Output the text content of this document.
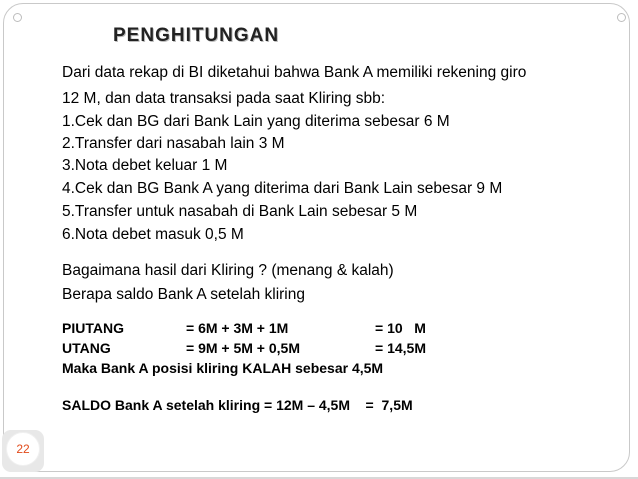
PENGHITUNGAN
Dari data rekap di BI diketahui bahwa Bank A memiliki rekening giro
12 M, dan data transaksi pada saat Kliring sbb:
1.Cek dan BG dari Bank Lain yang diterima sebesar 6 M
2.Transfer dari nasabah lain 3 M
3.Nota debet keluar 1 M
4.Cek dan BG Bank A yang diterima dari Bank Lain sebesar 9 M
5.Transfer untuk nasabah di Bank Lain sebesar 5 M
6.Nota debet masuk 0,5 M
Bagaimana hasil dari Kliring ? (menang & kalah)
Berapa saldo Bank A setelah kliring
PIUTANG	= 6M + 3M + 1M	= 10   M
UTANG	= 9M + 5M + 0,5M	= 14,5M
Maka Bank A posisi kliring KALAH sebesar 4,5M
SALDO Bank A setelah kliring = 12M – 4,5M    =  7,5M
22
